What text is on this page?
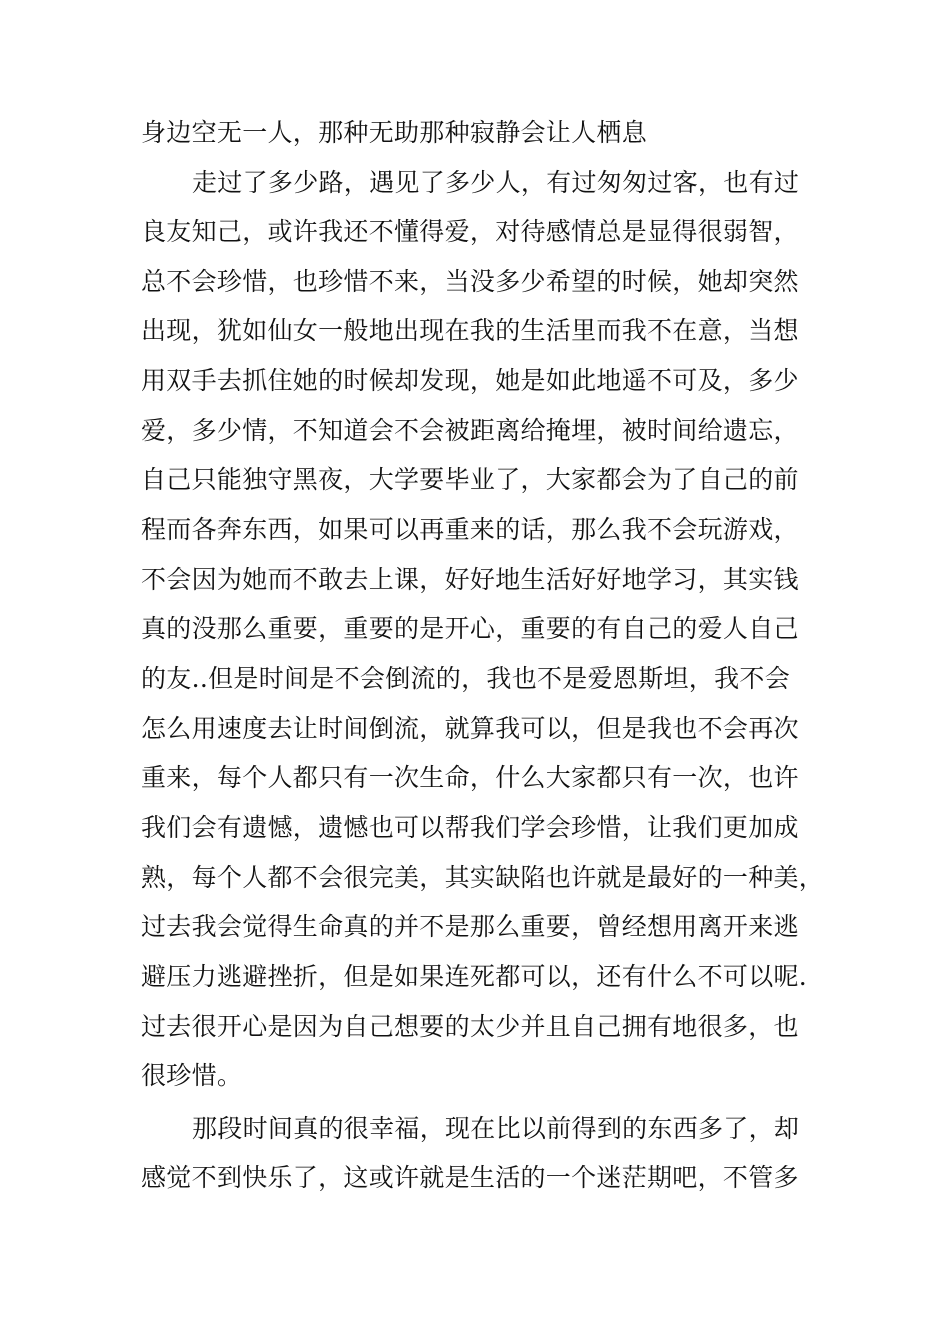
身边空无一人，那种无助那种寂静会让人栖息
走过了多少路，遇见了多少人，有过匆匆过客，也有过
良友知己，或许我还不懂得爱，对待感情总是显得很弱智，
总不会珍惜，也珍惜不来，当没多少希望的时候，她却突然
出现，犹如仙女一般地出现在我的生活里而我不在意，当想
用双手去抓住她的时候却发现，她是如此地遥不可及，多少
爱，多少情，不知道会不会被距离给掩埋，被时间给遗忘，
自己只能独守黑夜，大学要毕业了，大家都会为了自己的前
程而各奔东西，如果可以再重来的话，那么我不会玩游戏，
不会因为她而不敢去上课，好好地生活好好地学习，其实钱
真的没那么重要，重要的是开心，重要的有自己的爱人自己
的友..但是时间是不会倒流的，我也不是爱恩斯坦，我不会
怎么用速度去让时间倒流，就算我可以，但是我也不会再次
重来，每个人都只有一次生命，什么大家都只有一次，也许
我们会有遗憾，遗憾也可以帮我们学会珍惜，让我们更加成
熟，每个人都不会很完美，其实缺陷也许就是最好的一种美，
过去我会觉得生命真的并不是那么重要，曾经想用离开来逃
避压力逃避挫折，但是如果连死都可以，还有什么不可以呢.
过去很开心是因为自己想要的太少并且自己拥有地很多，也
很珍惜。
那段时间真的很幸福，现在比以前得到的东西多了，却
感觉不到快乐了，这或许就是生活的一个迷茫期吧，不管多
